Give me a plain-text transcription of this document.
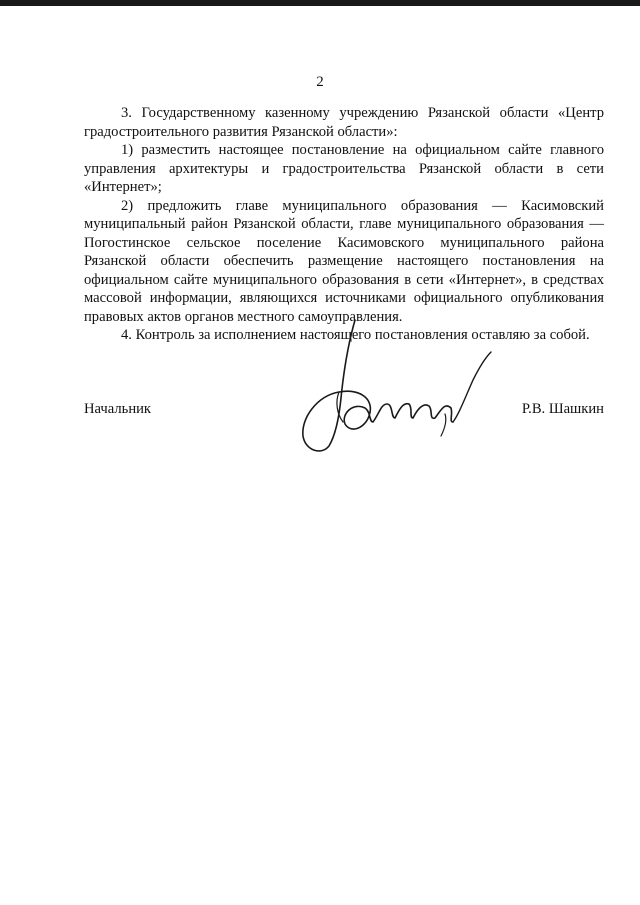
2

3. Государственному казенному учреждению Рязанской области «Центр градостроительного развития Рязанской области»:

1) разместить настоящее постановление на официальном сайте главного управления архитектуры и градостроительства Рязанской области в сети «Интернет»;

2) предложить главе муниципального образования — Касимовский муниципальный район Рязанской области, главе муниципального образования — Погостинское сельское поселение Касимовского муниципального района Рязанской области обеспечить размещение настоящего постановления на официальном сайте муниципального образования в сети «Интернет», в средствах массовой информации, являющихся источниками официального опубликования правовых актов органов местного самоуправления.

4. Контроль за исполнением настоящего постановления оставляю за собой.

Начальник	Р.В. Шашкин
